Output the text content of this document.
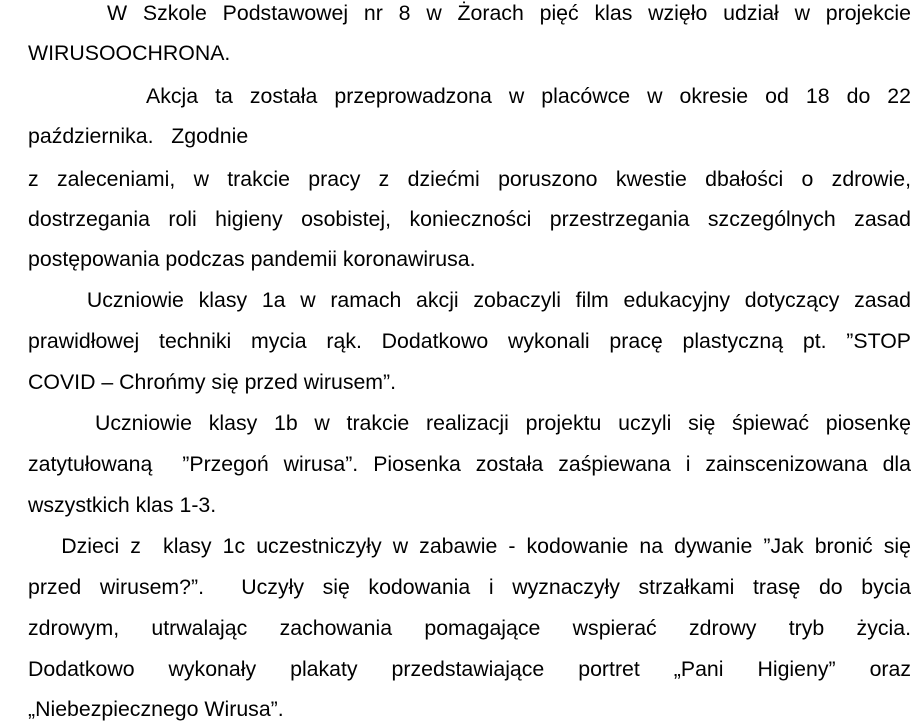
W Szkole Podstawowej nr 8 w Żorach pięć klas wzięło udział w projekcie
WIRUSOOCHRONA.
Akcja ta została przeprowadzona w placówce w okresie od 18 do 22
października.   Zgodnie
z zaleceniami, w trakcie pracy z dziećmi poruszono kwestie dbałości o zdrowie,
dostrzegania roli higieny osobistej, konieczności przestrzegania szczególnych zasad
postępowania podczas pandemii koronawirusa.
Uczniowie klasy 1a w ramach akcji zobaczyli film edukacyjny dotyczący zasad
prawidłowej techniki mycia rąk. Dodatkowo wykonali pracę plastyczną pt. ”STOP
COVID – Chrońmy się przed wirusem”.
Uczniowie klasy 1b w trakcie realizacji projektu uczyli się śpiewać piosenkę
zatytułowaną  ”Przegoń wirusa”. Piosenka została zaśpiewana i zainscenizowana dla
wszystkich klas 1-3.
Dzieci z  klasy 1c uczestniczyły w zabawie - kodowanie na dywanie ”Jak bronić się
przed wirusem?”.  Uczyły się kodowania i wyznaczyły strzałkami trasę do bycia
zdrowym, utrwalając zachowania pomagające wspierać zdrowy tryb życia.
Dodatkowo wykonały plakaty przedstawiające portret „Pani Higieny” oraz
„Niebezpiecznego Wirusa”.
